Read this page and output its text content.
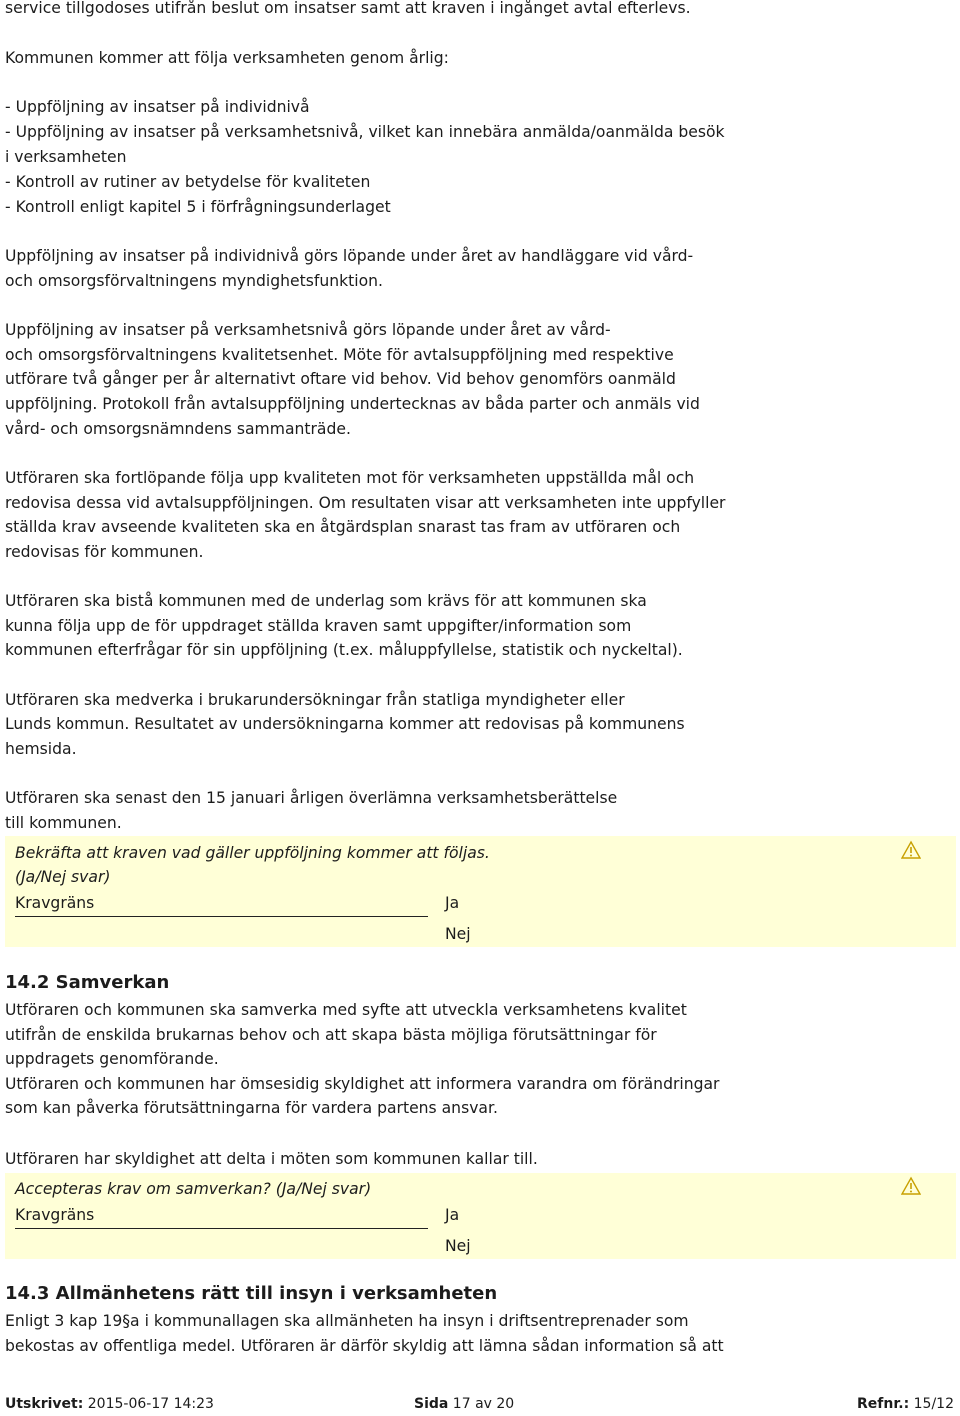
service tillgodoses utifrån beslut om insatser samt att kraven i ingånget avtal efterlevs.
Kommunen kommer att följa verksamheten genom årlig:
- Uppföljning av insatser på individnivå
- Uppföljning av insatser på verksamhetsnivå, vilket kan innebära anmälda/oanmälda besök
i verksamheten
- Kontroll av rutiner av betydelse för kvaliteten
- Kontroll enligt kapitel 5 i förfrågningsunderlaget
Uppföljning av insatser på individnivå görs löpande under året av handläggare vid vård-
och omsorgsförvaltningens myndighetsfunktion.
Uppföljning av insatser på verksamhetsnivå görs löpande under året av vård-
och omsorgsförvaltningens kvalitetsenhet. Möte för avtalsuppföljning med respektive
utförare två gånger per år alternativt oftare vid behov. Vid behov genomförs oanmäld
uppföljning. Protokoll från avtalsuppföljning undertecknas av båda parter och anmäls vid
vård- och omsorgsnämndens sammanträde.
Utföraren ska fortlöpande följa upp kvaliteten mot för verksamheten uppställda mål och
redovisa dessa vid avtalsuppföljningen. Om resultaten visar att verksamheten inte uppfyller
ställda krav avseende kvaliteten ska en åtgärdsplan snarast tas fram av utföraren och
redovisas för kommunen.
Utföraren ska bistå kommunen med de underlag som krävs för att kommunen ska
kunna följa upp de för uppdraget ställda kraven samt uppgifter/information som
kommunen efterfrågar för sin uppföljning (t.ex. måluppfyllelse, statistik och nyckeltal).
Utföraren ska medverka i brukarundersökningar från statliga myndigheter eller
Lunds kommun. Resultatet av undersökningarna kommer att redovisas på kommunens
hemsida.
Utföraren ska senast den 15 januari årligen överlämna verksamhetsberättelse
till kommunen.
Bekräfta att kraven vad gäller uppföljning kommer att följas.
(Ja/Nej svar)
Kravgräns	Ja
Nej
14.2 Samverkan
Utföraren och kommunen ska samverka med syfte att utveckla verksamhetens kvalitet
utifrån de enskilda brukarnas behov och att skapa bästa möjliga förutsättningar för
uppdragets genomförande.
Utföraren och kommunen har ömsesidig skyldighet att informera varandra om förändringar
som kan påverka förutsättningarna för vardera partens ansvar.
Utföraren har skyldighet att delta i möten som kommunen kallar till.
Accepteras krav om samverkan? (Ja/Nej svar)
Kravgräns	Ja
Nej
14.3 Allmänhetens rätt till insyn i verksamheten
Enligt 3 kap 19§a i kommunallagen ska allmänheten ha insyn i driftsentreprenader som
bekostas av offentliga medel. Utföraren är därför skyldig att lämna sådan information så att
Utskrivet: 2015-06-17 14:23	Sida 17 av 20	Refnr.: 15/12
